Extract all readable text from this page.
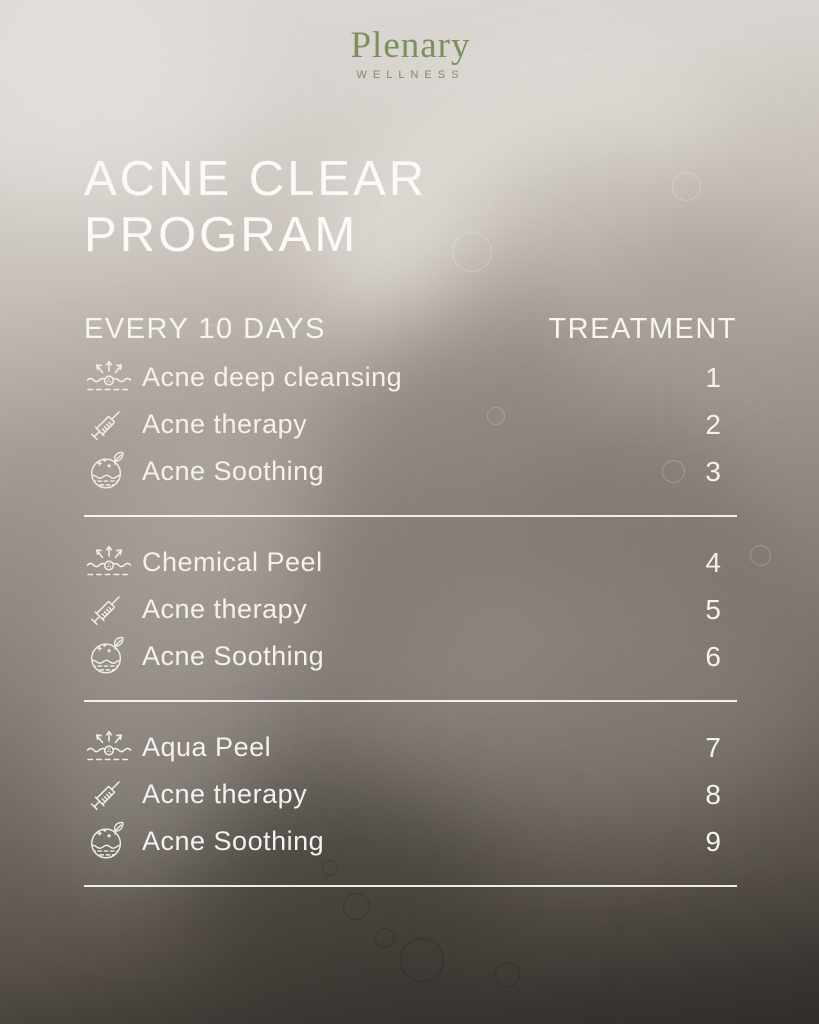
Plenary
WELLNESS
ACNE CLEAR
PROGRAM
EVERY 10 DAYS	TREATMENT
Acne deep cleansing	1
Acne therapy	2
Acne Soothing	3
Chemical Peel	4
Acne therapy	5
Acne Soothing	6
Aqua Peel	7
Acne therapy	8
Acne Soothing	9
